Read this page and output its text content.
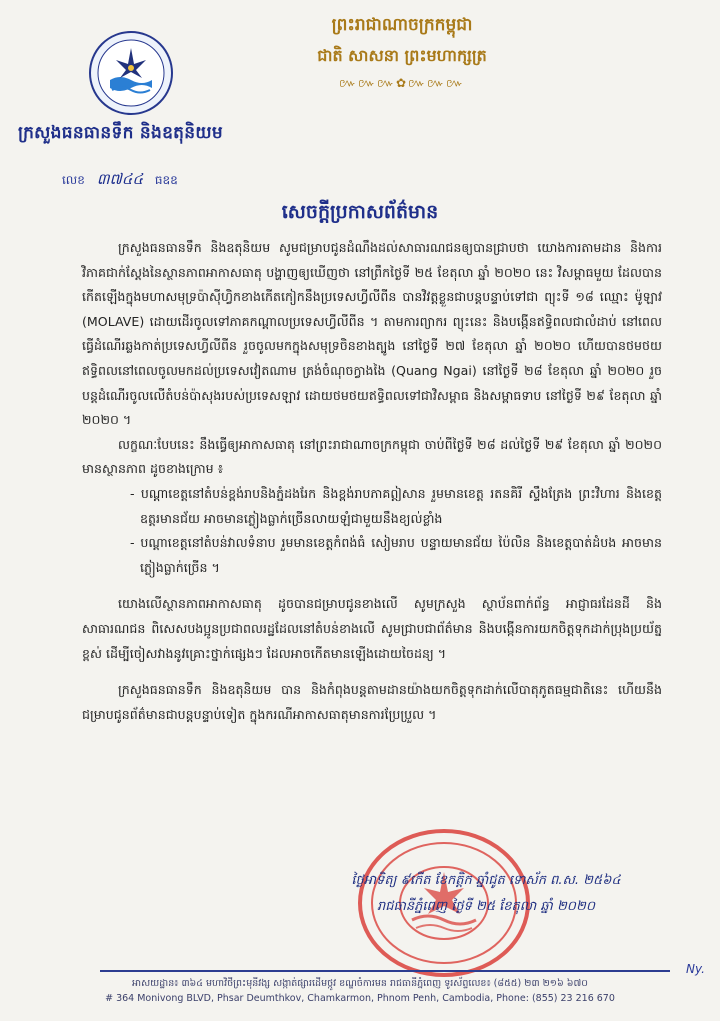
ក្រសួងធនធានទឹក និងឧតុនិយម
លេខ ៣៧៤៤ ធឧឧ
ព្រះរាជាណាចក្រកម្ពុជា
ជាតិ សាសនា ព្រះមហាក្សត្រ
៚៚៚✿៚៚៚
សេចក្តីប្រកាសព័ត៌មាន

ក្រសួងធនធានទឹក និងឧតុនិយម សូមជម្រាបជូនដំណឹងដល់សាធារណជនឲ្យបានជ្រាបថា យោងការតាមដាន និងការវិភាគជាក់ស្តែងនៃស្ថានភាពអាកាសធាតុ បង្ហាញឲ្យឃើញថា នៅព្រឹកថ្ងៃទី ២៥ ខែតុលា ឆ្នាំ ២០២០ នេះ វិសម្ពាធមួយ ដែលបានកើតឡើងក្នុងមហាសមុទ្រប៉ាស៊ីហ្វិកខាងកើតកៀកនឹងប្រទេសហ្វីលីពីន បានវិវត្តខ្លួនជាបន្តបន្ទាប់ទៅជា ព្យុះទី ១៨ ឈ្មោះ ម៉ូឡាវ (MOLAVE) ដោយដើរចូលទៅភាគកណ្តាលប្រទេសហ្វីលីពីន ។ តាមការព្យាករ ព្យុះនេះ និងបង្កើនឥទ្ធិពលជាលំដាប់ នៅពេលធ្វើដំណើរឆ្លងកាត់ប្រទេសហ្វីលីពីន រួចចូលមកក្នុងសមុទ្រចិនខាងត្បូង នៅថ្ងៃទី ២៧ ខែតុលា ឆ្នាំ ២០២០ ហើយបានថមថយឥទ្ធិពលនៅពេលចូលមកដល់ប្រទេសវៀតណាម ត្រង់ចំណុចក្វាងងៃ (Quang Ngai) នៅថ្ងៃទី ២៨ ខែតុលា ឆ្នាំ ២០២០ រួចបន្តដំណើរចូលលើតំបន់ប៉ាសុងរបស់ប្រទេសឡាវ ដោយថមថយឥទ្ធិពលទៅជាវិសម្ពាធ និងសម្ពាធទាប នៅថ្ងៃទី ២៩ ខែតុលា ឆ្នាំ ២០២០ ។

លក្ខណៈបែបនេះ នឹងធ្វើឲ្យអាកាសធាតុ នៅព្រះរាជាណាចក្រកម្ពុជា ចាប់ពីថ្ងៃទី ២៨ ដល់ថ្ងៃទី ២៩ ខែតុលា ឆ្នាំ ២០២០ មានស្ថានភាព ដូចខាងក្រោម ៖

- បណ្តាខេត្តនៅតំបន់ខ្ពង់រាបនិងភ្នំដងរែក និងខ្ពង់រាបភាគឦសាន រួមមានខេត្ត រតនគិរី ស្ទឹងត្រែង ព្រះវិហារ និងខេត្តឧត្តរមានជ័យ អាចមានភ្លៀងធ្លាក់ច្រើនលាយឡំជាមួយនឹងខ្យល់ខ្លាំង
- បណ្តាខេត្តនៅតំបន់វាលទំនាប រួមមានខេត្តកំពង់ធំ សៀមរាប បន្ទាយមានជ័យ ប៉ៃលិន និងខេត្តបាត់ដំបង អាចមានភ្លៀងធ្លាក់ច្រើន ។

យោងលើស្ថានភាពអាកាសធាតុ ដូចបានជម្រាបជូនខាងលើ សូមក្រសួង ស្ថាប័នពាក់ព័ន្ធ អាជ្ញាធរដែនដី និងសាធារណជន ពិសេសបងប្អូនប្រជាពលរដ្ឋដែលនៅតំបន់ខាងលើ សូមជ្រាបជាព័ត៌មាន និងបង្កើនការយកចិត្តទុកដាក់ប្រុងប្រយ័ត្នខ្ពស់ ដើម្បីចៀសវាងនូវគ្រោះថ្នាក់ផ្សេងៗ ដែលអាចកើតមានឡើងដោយចៃដន្យ ។

ក្រសួងធនធានទឹក និងឧតុនិយម បាន និងកំពុងបន្តតាមដានយ៉ាងយកចិត្តទុកដាក់លើបាតុភូតធម្មជាតិនេះ ហើយនឹងជម្រាបជូនព័ត៌មានជាបន្តបន្ទាប់ទៀត ក្នុងករណីអាកាសធាតុមានការប្រែប្រួល ។

ថ្ងៃអាទិត្យ ៩កើត ខែកត្តិក ឆ្នាំជូត ទោស័ក ព.ស. ២៥៦៤
រាជធានីភ្នំពេញ ថ្ងៃទី ២៥ ខែតុលា ឆ្នាំ ២០២០
Ny.
អាសយដ្ឋាន៖ ៣៦៤ មហាវិថីព្រះមុនីវង្ស សង្កាត់ផ្សារដើមថ្កូវ ខណ្ឌចំការមន រាជធានីភ្នំពេញ ទូរស័ព្ទលេខ៖ (៨៥៥) ២៣ ២១៦ ៦៧០
# 364 Monivong BLVD, Phsar Deumthkov, Chamkarmon, Phnom Penh, Cambodia, Phone: (855) 23 216 670
